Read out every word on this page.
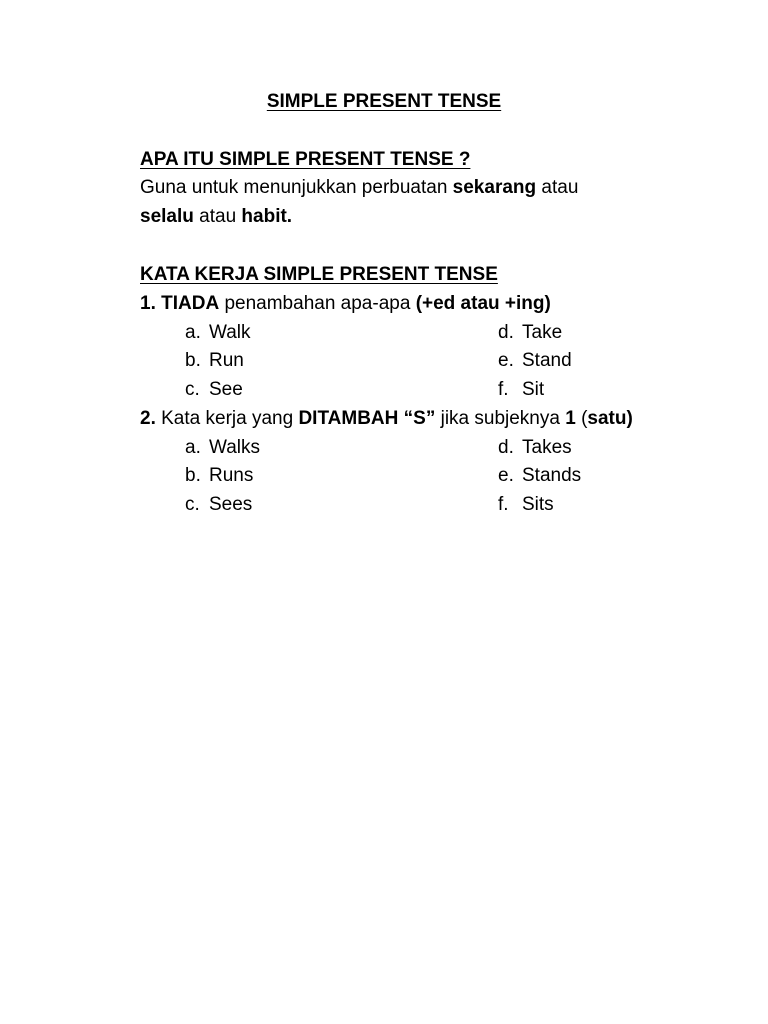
SIMPLE PRESENT TENSE
APA ITU SIMPLE PRESENT TENSE ?
Guna untuk menunjukkan perbuatan sekarang atau
selalu atau habit.
KATA KERJA SIMPLE PRESENT TENSE
1. TIADA penambahan apa-apa (+ed atau +ing)
a. Walk
b. Run
c. See
d. Take
e. Stand
f. Sit
2. Kata kerja yang DITAMBAH “S” jika subjeknya 1 (satu)
a. Walks
b. Runs
c. Sees
d. Takes
e. Stands
f. Sits
